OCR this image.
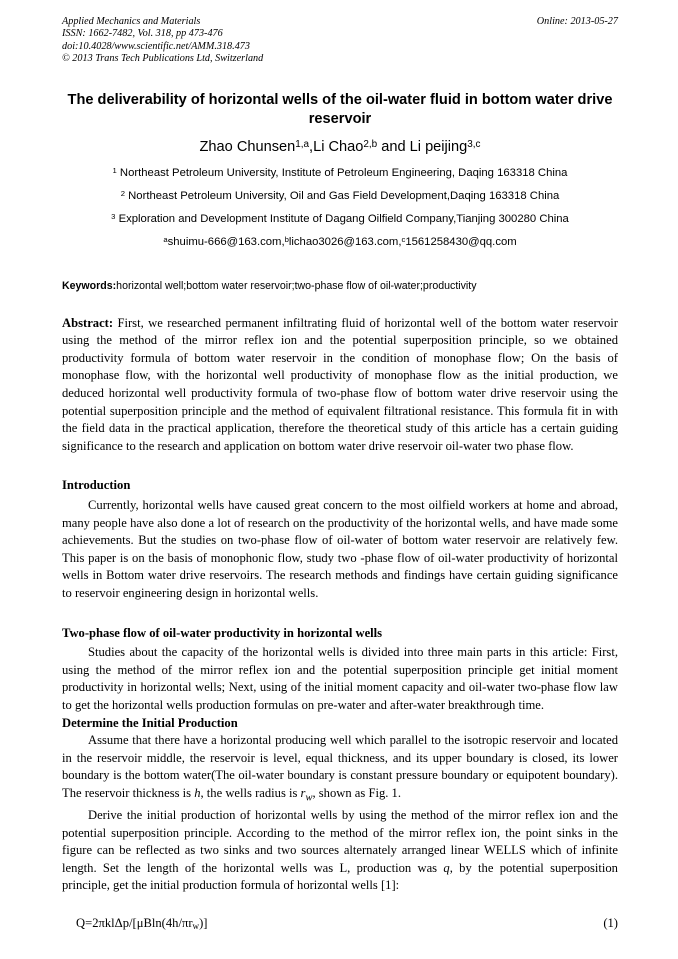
Applied Mechanics and Materials
ISSN: 1662-7482, Vol. 318, pp 473-476
doi:10.4028/www.scientific.net/AMM.318.473
© 2013 Trans Tech Publications Ltd, Switzerland
Online: 2013-05-27
The deliverability of horizontal wells of the oil-water fluid in bottom water drive reservoir
Zhao Chunsen$^{1,a}$,Li Chao$^{2,b}$ and Li peijing$^{3,c}$
$^1$ Northeast Petroleum University, Institute of Petroleum Engineering, Daqing 163318 China
$^2$ Northeast Petroleum University, Oil and Gas Field Development,Daqing 163318 China
$^3$ Exploration and Development Institute of Dagang Oilfield Company,Tianjing 300280 China
$^a$shuimu-666@163.com,$^b$lichao3026@163.com,$^c$1561258430@qq.com
Keywords:horizontal well;bottom water reservoir;two-phase flow of oil-water;productivity
Abstract: First, we researched permanent infiltrating fluid of horizontal well of the bottom water reservoir using the method of the mirror reflex ion and the potential superposition principle, so we obtained productivity formula of bottom water reservoir in the condition of monophase flow; On the basis of monophase flow, with the horizontal well productivity of monophase flow as the initial production, we deduced horizontal well productivity formula of two-phase flow of bottom water drive reservoir using the potential superposition principle and the method of equivalent filtrational resistance. This formula fit in with the field data in the practical application, therefore the theoretical study of this article has a certain guiding significance to the research and application on bottom water drive reservoir oil-water two phase flow.
Introduction
Currently, horizontal wells have caused great concern to the most oilfield workers at home and abroad, many people have also done a lot of research on the productivity of the horizontal wells, and have made some achievements. But the studies on two-phase flow of oil-water of bottom water reservoir are relatively few. This paper is on the basis of monophonic flow, study two -phase flow of oil-water productivity of horizontal wells in Bottom water drive reservoirs. The research methods and findings have certain guiding significance to reservoir engineering design in horizontal wells.
Two-phase flow of oil-water productivity in horizontal wells
Studies about the capacity of the horizontal wells is divided into three main parts in this article: First, using the method of the mirror reflex ion and the potential superposition principle get initial moment productivity in horizontal wells; Next, using of the initial moment capacity and oil-water two-phase flow law to get the horizontal wells production formulas on pre-water and after-water breakthrough time.
Determine the Initial Production
Assume that there have a horizontal producing well which parallel to the isotropic reservoir and located in the reservoir middle, the reservoir is level, equal thickness, and its upper boundary is closed, its lower boundary is the bottom water(The oil-water boundary is constant pressure boundary or equipotent boundary). The reservoir thickness is h, the wells radius is $r_w$, shown as Fig. 1.
Derive the initial production of horizontal wells by using the method of the mirror reflex ion and the potential superposition principle. According to the method of the mirror reflex ion, the point sinks in the figure can be reflected as two sinks and two sources alternately arranged linear WELLS which of infinite length. Set the length of the horizontal wells was L, production was q, by the potential superposition principle, get the initial production formula of horizontal wells [1]:
$Q=2\pi kl\Delta p/[\mu Bln(4h/\pi r_w)]$	(1)
